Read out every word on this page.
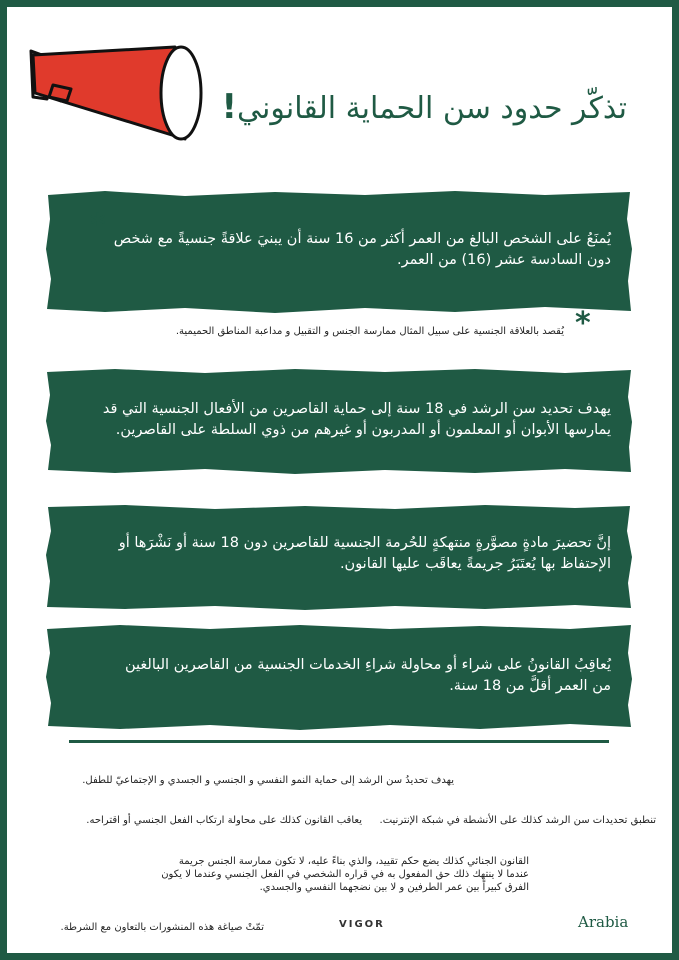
تذكّر حدود سن الحماية القانوني!
* يُمنَعُ على الشخص البالغ من العمر أكثر من 16 سنة أن يبنيَ علاقةً جنسيةً مع شخص دون السادسة عشر (16) من العمر.
*
يُقصد بالعلاقة الجنسية على سبيل المثال ممارسة الجنس و التقبيل و مداعبة المناطق الحميمية.
يهدف تحديد سن الرشد في 18 سنة إلى حماية القاصرين من الأفعال الجنسية التي قد يمارسها الأبوان أو المعلمون أو المدربون أو غيرهم من ذوي السلطة على القاصرين.
إنَّ تحضيرَ مادةٍ مصوَّرةٍ منتهكةٍ للحُرمة الجنسية للقاصرين دون 18 سنة أو نَشْرَها أو الإحتفاظ بها يُعتَبَرُ جريمةً يعاقَب عليها القانون.
يُعاقِبُ القانونُ على شراء أو محاولة شراءِ الخدمات الجنسية من القاصرين البالغين من العمر أقلَّ من 18 سنة.
يهدف تحديدُ سن الرشد إلى حماية النمو النفسي و الجنسي و الجسدي و الإجتماعيّ للطفل.
تنطبق تحديدات سن الرشد كذلك على الأنشطة في شبكة الإنترنيت.
يعاقب القانون كذلك على محاولة ارتكاب الفعل الجنسي أو اقتراحه.
القانون الجنائي كذلك يضع حكم تقييد، والذي بناءً عليه، لا تكون ممارسة الجنس جريمة
عندما لا ينتهك ذلك حق المفعول به في قراره الشخصي في الفعل الجنسي وعندما لا يكون
الفرق كبيراً بين عمر الطرفين و لا بين نضجهما النفسي والجسدي.
تمّتْ صياغة هذه المنشورات بالتعاون مع الشرطة.	VIGOR	Arabia
